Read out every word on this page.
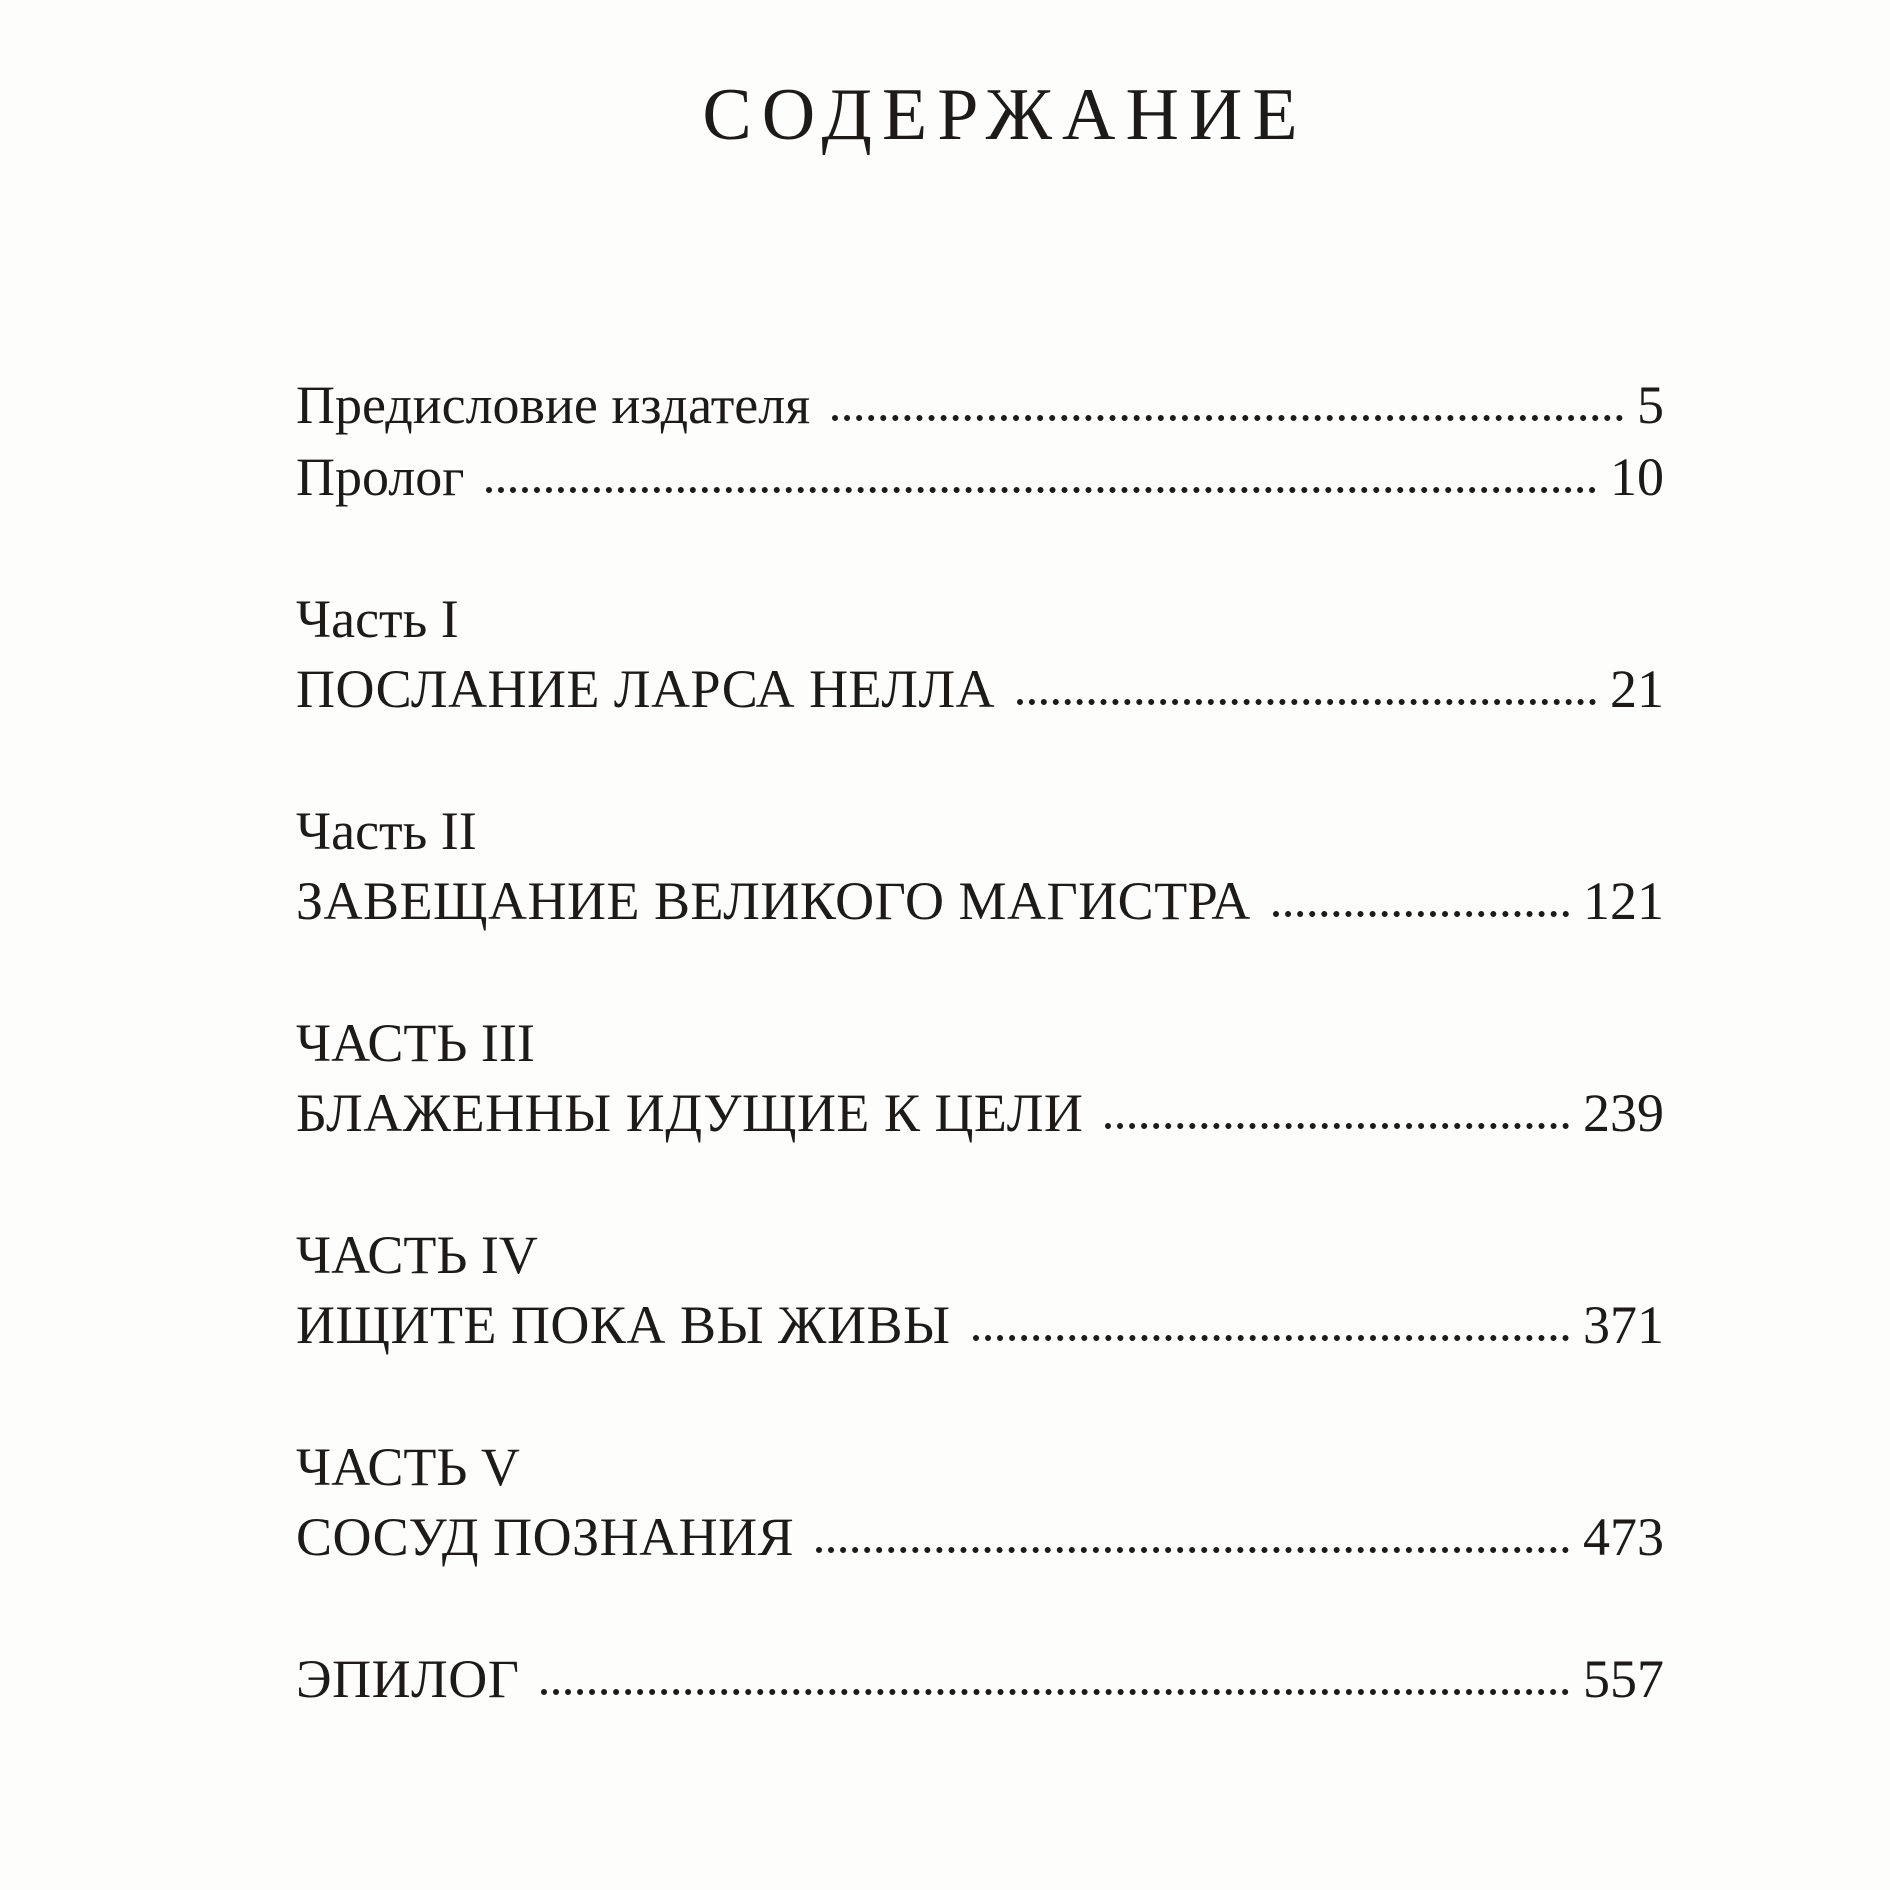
СОДЕРЖАНИЕ
Предисловие издателя	5
Пролог	10
Часть I
ПОСЛАНИЕ ЛАРСА НЕЛЛА	21
Часть II
ЗАВЕЩАНИЕ ВЕЛИКОГО МАГИСТРА	121
ЧАСТЬ III
БЛАЖЕННЫ ИДУЩИЕ К ЦЕЛИ	239
ЧАСТЬ IV
ИЩИТЕ ПОКА ВЫ ЖИВЫ	371
ЧАСТЬ V
СОСУД ПОЗНАНИЯ	473
ЭПИЛОГ	557
